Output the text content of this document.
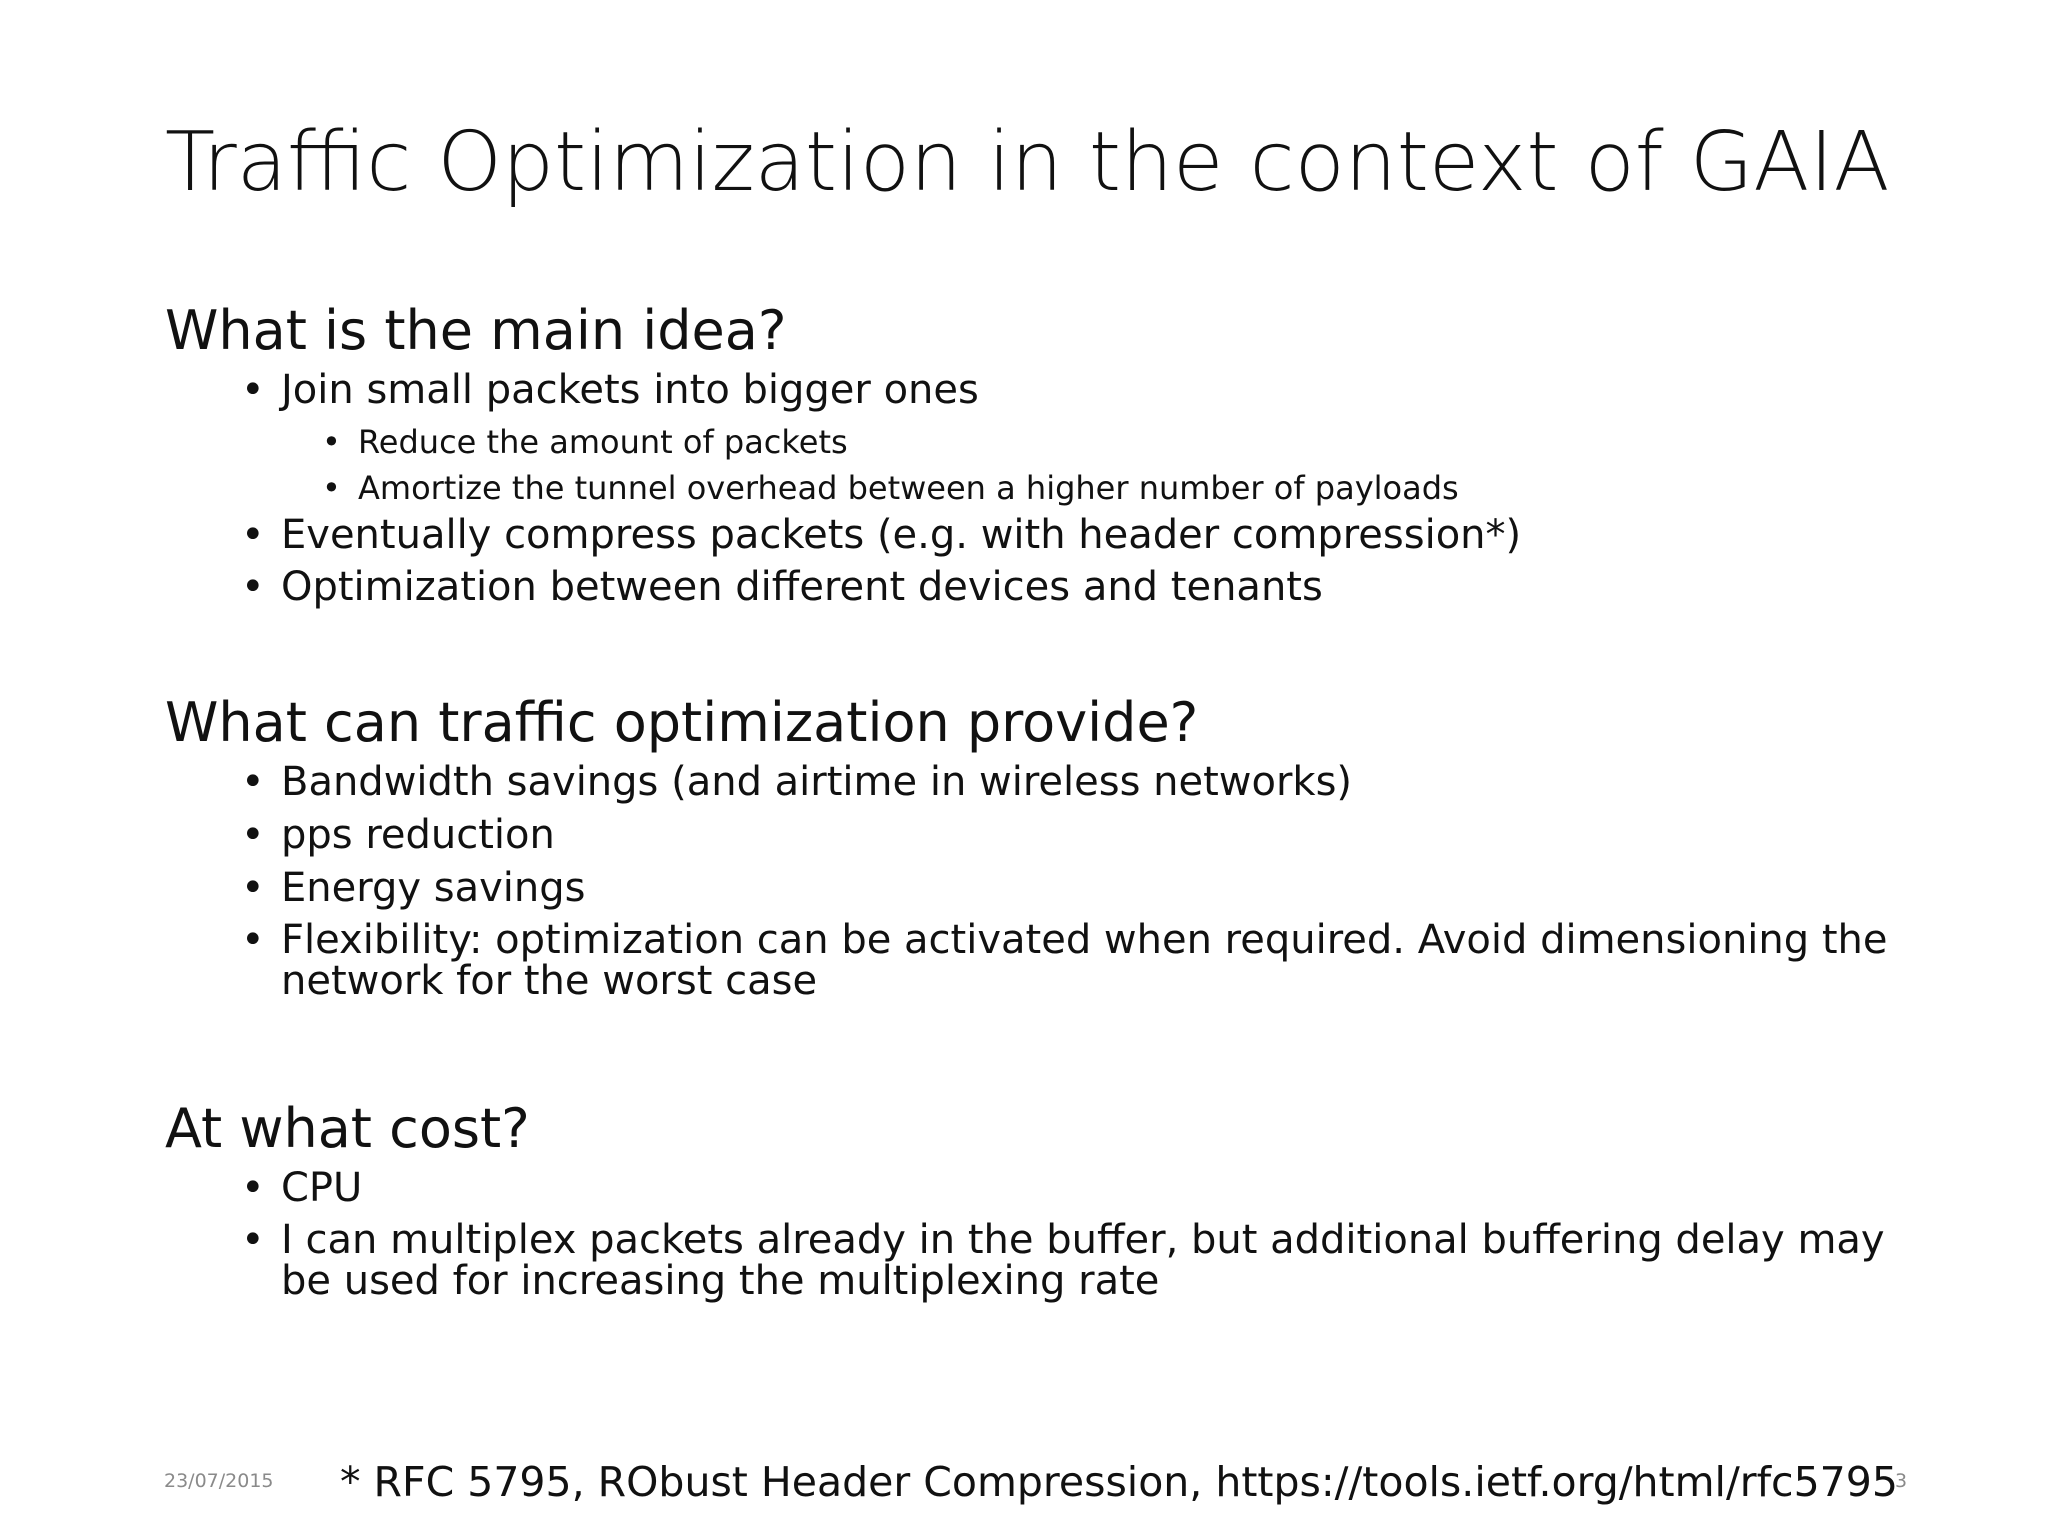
Traffic Optimization in the context of GAIA
What is the main idea?
• Join small packets into bigger ones
• Reduce the amount of packets
• Amortize the tunnel overhead between a higher number of payloads
• Eventually compress packets (e.g. with header compression*)
• Optimization between different devices and tenants
What can traffic optimization provide?
• Bandwidth savings (and airtime in wireless networks)
• pps reduction
• Energy savings
• Flexibility: optimization can be activated when required. Avoid dimensioning the network for the worst case
At what cost?
• CPU
• I can multiplex packets already in the buffer, but additional buffering delay may be used for increasing the multiplexing rate
23/07/2015 * RFC 5795, RObust Header Compression, https://tools.ietf.org/html/rfc5795
3
